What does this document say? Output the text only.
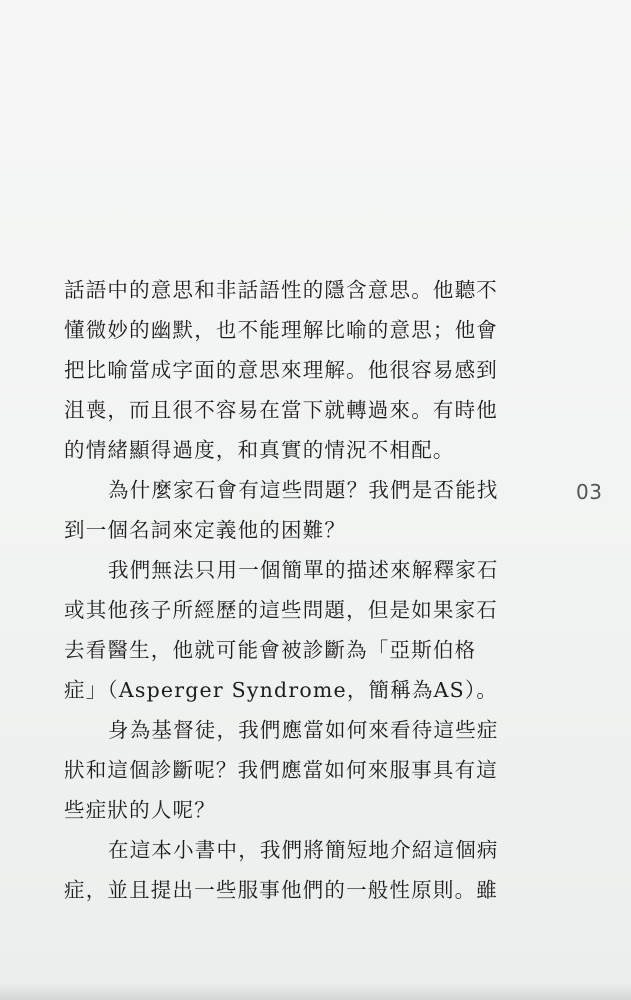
話語中的意思和非話語性的隱含意思。他聽不
懂微妙的幽默，也不能理解比喻的意思；他會
把比喻當成字面的意思來理解。他很容易感到
沮喪，而且很不容易在當下就轉過來。有時他
的情緒顯得過度，和真實的情況不相配。
為什麼家石會有這些問題？我們是否能找
到一個名詞來定義他的困難？
我們無法只用一個簡單的描述來解釋家石
或其他孩子所經歷的這些問題，但是如果家石
去看醫生，他就可能會被診斷為「亞斯伯格
症」（Asperger Syndrome，簡稱為AS）。
身為基督徒，我們應當如何來看待這些症
狀和這個診斷呢？我們應當如何來服事具有這
些症狀的人呢？
在這本小書中，我們將簡短地介紹這個病
症，並且提出一些服事他們的一般性原則。雖
03
